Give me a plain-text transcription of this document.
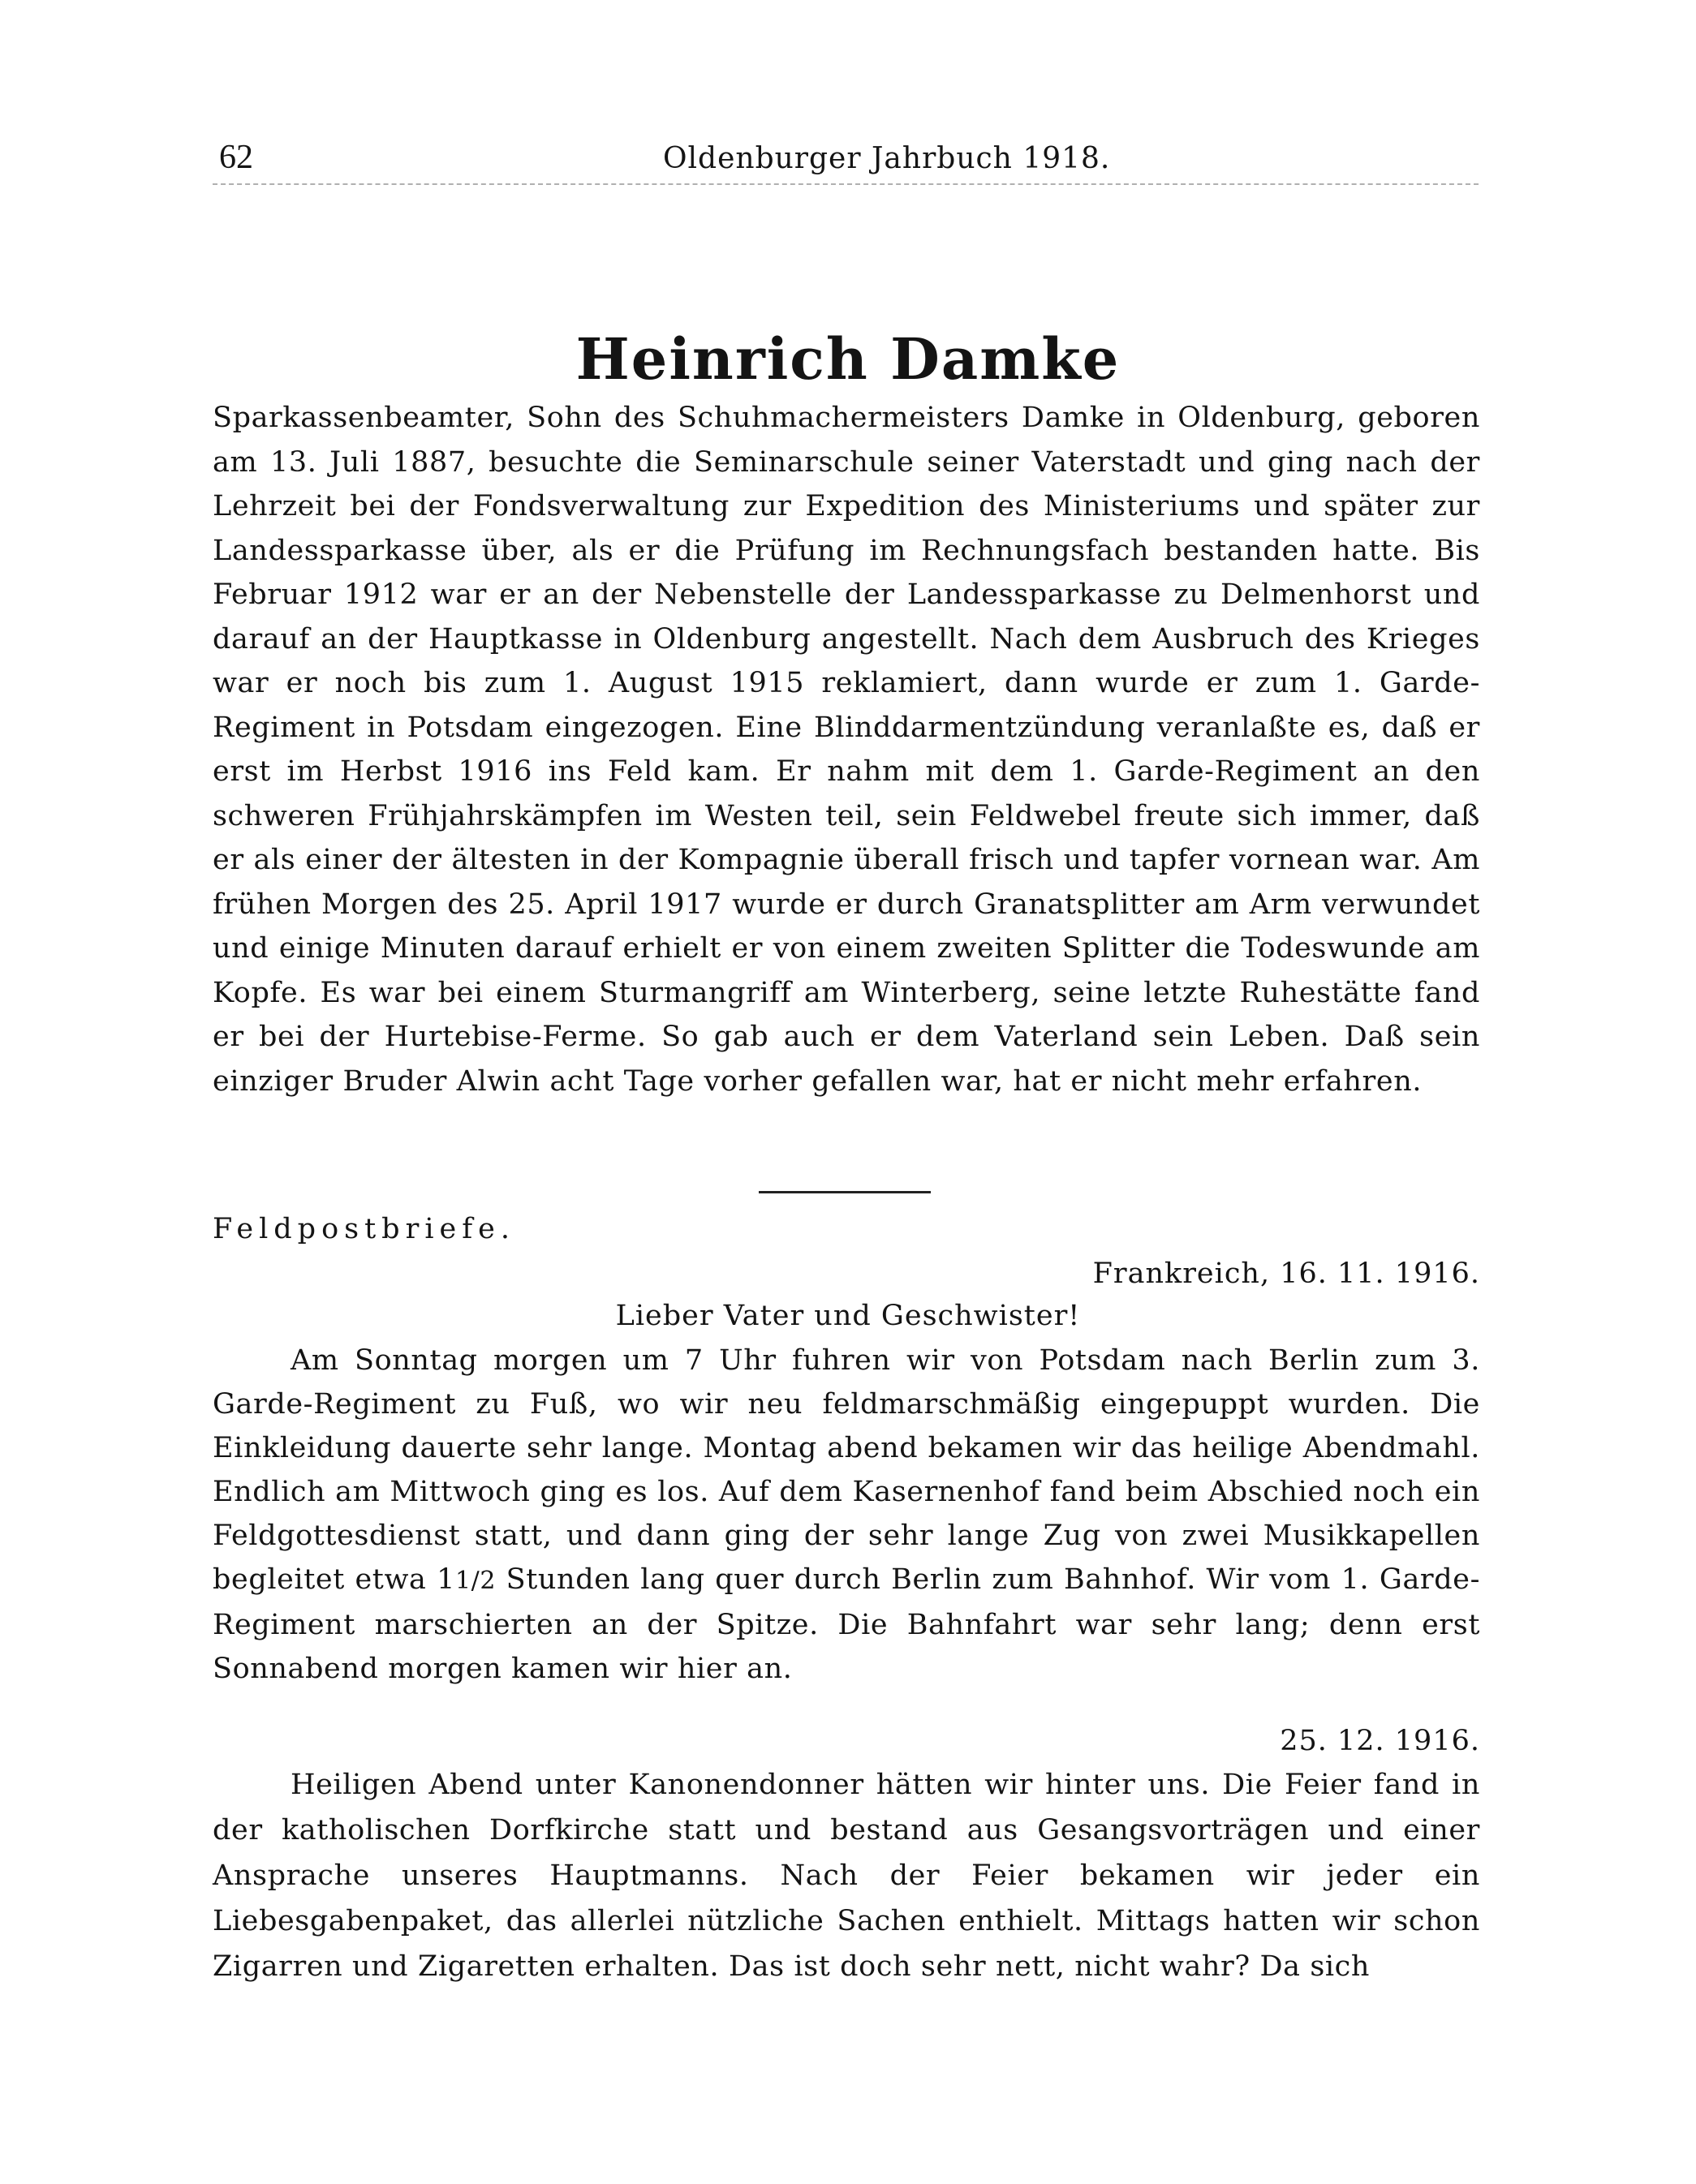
62	Oldenburger Jahrbuch 1918.
Heinrich Damke

Sparkassenbeamter, Sohn des Schuhmachermeisters Damke in Oldenburg, geboren am 13. Juli 1887, besuchte die Seminarschule seiner Vaterstadt und ging nach der Lehrzeit bei der Fondsverwaltung zur Expedition des Ministeriums und später zur Landessparkasse über, als er die Prüfung im Rechnungsfach bestanden hatte. Bis Februar 1912 war er an der Nebenstelle der Landessparkasse zu Delmenhorst und darauf an der Hauptkasse in Oldenburg angestellt. Nach dem Ausbruch des Krieges war er noch bis zum 1. August 1915 reklamiert, dann wurde er zum 1. Garde-Regiment in Potsdam eingezogen. Eine Blinddarmentzündung veranlaßte es, daß er erst im Herbst 1916 ins Feld kam. Er nahm mit dem 1. Garde-Regiment an den schweren Frühjahrskämpfen im Westen teil, sein Feldwebel freute sich immer, daß er als einer der ältesten in der Kompagnie überall frisch und tapfer vornean war. Am frühen Morgen des 25. April 1917 wurde er durch Granatsplitter am Arm verwundet und einige Minuten darauf erhielt er von einem zweiten Splitter die Todeswunde am Kopfe. Es war bei einem Sturmangriff am Winterberg, seine letzte Ruhestätte fand er bei der Hurtebise-Ferme. So gab auch er dem Vaterland sein Leben. Daß sein einziger Bruder Alwin acht Tage vorher gefallen war, hat er nicht mehr erfahren.

Feldpostbriefe.
Frankreich, 16. 11. 1916.
Lieber Vater und Geschwister!

Am Sonntag morgen um 7 Uhr fuhren wir von Potsdam nach Berlin zum 3. Garde-Regiment zu Fuß, wo wir neu feldmarschmäßig eingepuppt wurden. Die Einkleidung dauerte sehr lange. Montag abend bekamen wir das heilige Abendmahl. Endlich am Mittwoch ging es los. Auf dem Kasernenhof fand beim Abschied noch ein Feldgottesdienst statt, und dann ging der sehr lange Zug von zwei Musikkapellen begleitet etwa 11/2 Stunden lang quer durch Berlin zum Bahnhof. Wir vom 1. Garde-Regiment marschierten an der Spitze. Die Bahnfahrt war sehr lang; denn erst Sonnabend morgen kamen wir hier an.

25. 12. 1916.

Heiligen Abend unter Kanonendonner hätten wir hinter uns. Die Feier fand in der katholischen Dorfkirche statt und bestand aus Gesangsvorträgen und einer Ansprache unseres Hauptmanns. Nach der Feier bekamen wir jeder ein Liebesgabenpaket, das allerlei nützliche Sachen enthielt. Mittags hatten wir schon Zigarren und Zigaretten erhalten. Das ist doch sehr nett, nicht wahr? Da sich
